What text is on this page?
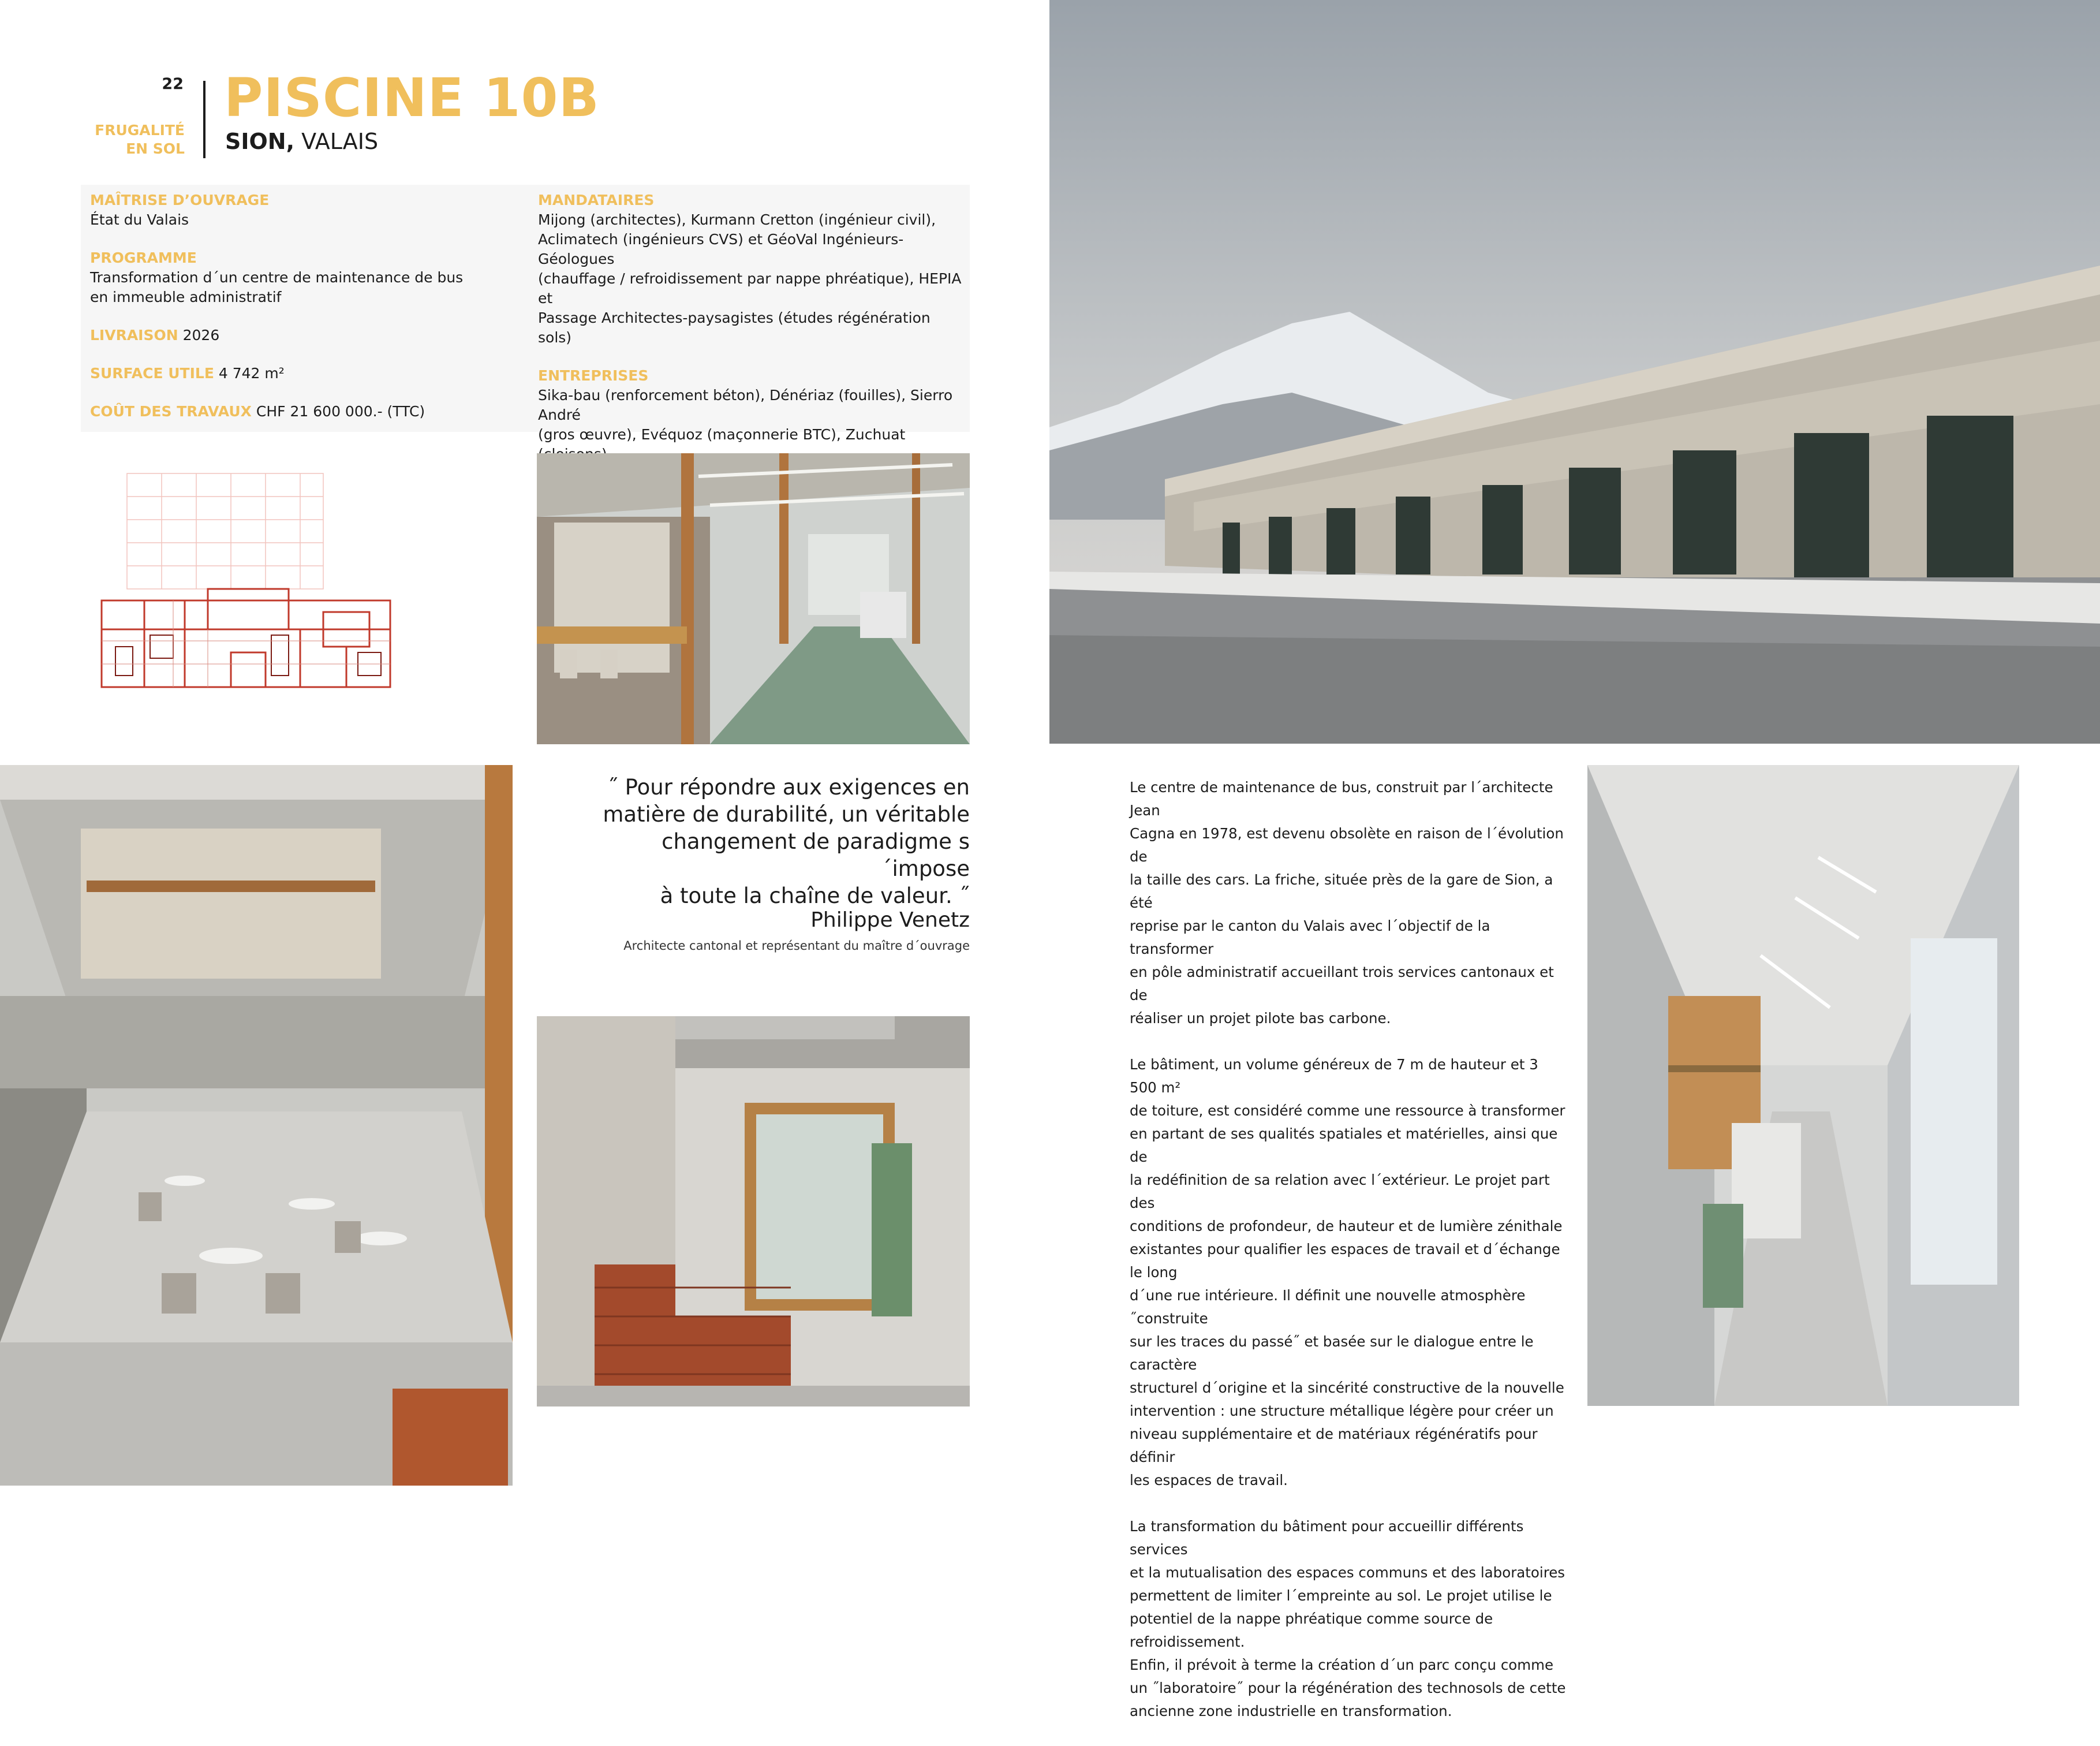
22
FRUGALITÉ
EN SOL
PISCINE 10B
SION, VALAIS
MAÎTRISE D’OUVRAGE
État du Valais
PROGRAMME
Transformation d´un centre de maintenance de bus
en immeuble administratif
LIVRAISON 2026
SURFACE UTILE 4 742 m²
COÛT DES TRAVAUX CHF 21 600 000.- (TTC)
MANDATAIRES
Mijong (architectes), Kurmann Cretton (ingénieur civil),
Aclimatech (ingénieurs CVS) et GéoVal Ingénieurs-Géologues
(chauffage / refroidissement par nappe phréatique), HEPIA et
Passage Architectes-paysagistes (études régénération sols)
ENTREPRISES
Sika-bau (renforcement béton), Dénériaz (fouilles), Sierro André
(gros œuvre), Evéquoz (maçonnerie BTC), Zuchuat
˝ Pour répondre aux exigences en
matière de durabilité, un véritable
changement de paradigme s´impose
à toute la chaîne de valeur. ˝
Philippe Venetz
Architecte cantonal et représentant du maître d´ouvrage

Le centre de maintenance de bus, construit par l´architecte Jean
Cagna en 1978, est devenu obsolète en raison de l´évolution de
la taille des cars. La friche, située près de la gare de Sion, a été
reprise par le canton du Valais avec l´objectif de la transformer
en pôle administratif accueillant trois services cantonaux et de
réaliser un projet pilote bas carbone.

Le bâtiment, un volume généreux de 7 m de hauteur et 3 500 m²
de toiture, est considéré comme une ressource à transformer
en partant de ses qualités spatiales et matérielles, ainsi que de
la redéfinition de sa relation avec l´extérieur. Le projet part des
conditions de profondeur, de hauteur et de lumière zénithale
existantes pour qualifier les espaces de travail et d´échange le long
d´une rue intérieure. Il définit une nouvelle atmosphère ˝construite
sur les traces du passé˝ et basée sur le dialogue entre le caractère
structurel d´origine et la sincérité constructive de la nouvelle
intervention : une structure métallique légère pour créer un
niveau supplémentaire et de matériaux régénératifs pour définir
les espaces de travail.

La transformation du bâtiment pour accueillir différents services
et la mutualisation des espaces communs et des laboratoires
permettent de limiter l´empreinte au sol. Le projet utilise le
potentiel de la nappe phréatique comme source de refroidissement.
Enfin, il prévoit à terme la création d´un parc conçu comme
un ˝laboratoire˝ pour la régénération des technosols de cette
ancienne zone industrielle en transformation.
